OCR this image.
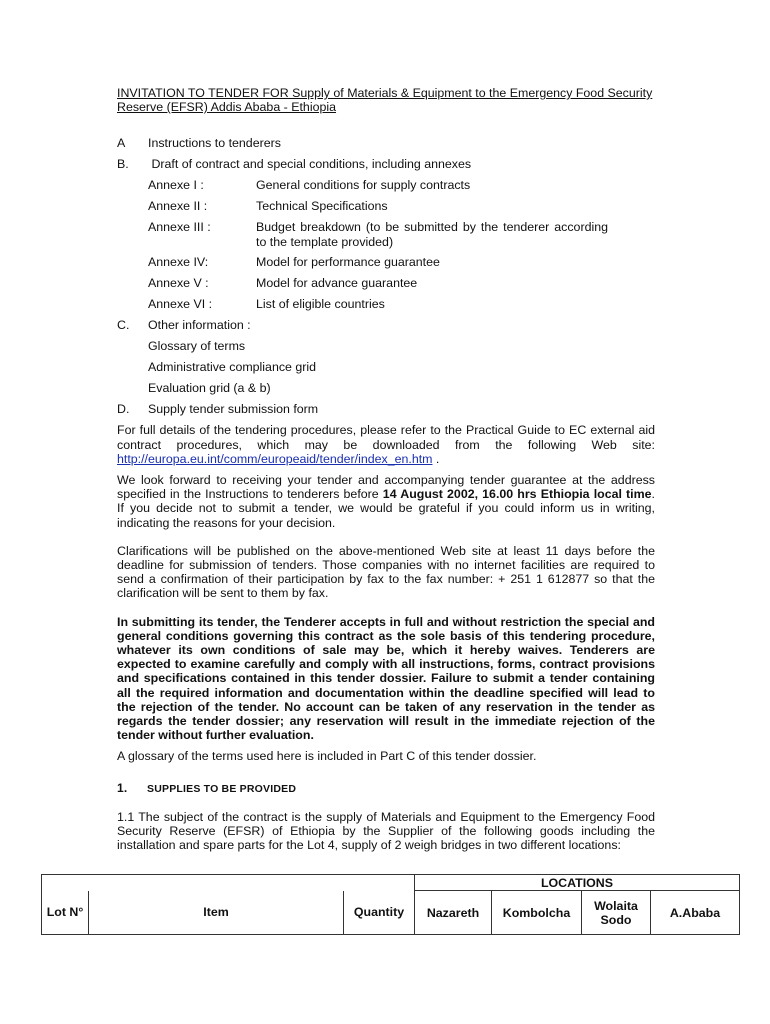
INVITATION TO TENDER FOR Supply of Materials & Equipment to the Emergency Food Security Reserve (EFSR) Addis Ababa - Ethiopia

A	Instructions to tenderers
B.	Draft of contract and special conditions, including annexes
Annexe I :	General conditions for supply contracts
Annexe II :	Technical Specifications
Annexe III :	Budget breakdown (to be submitted by the tenderer according to the template provided)
Annexe IV:	Model for performance guarantee
Annexe V :	Model for advance guarantee
Annexe VI :	List of eligible countries
C.	Other information :
Glossary of terms
Administrative compliance grid
Evaluation grid (a & b)
D.	Supply tender submission form

For full details of the tendering procedures, please refer to the Practical Guide to EC external aid contract procedures, which may be downloaded from the following Web site: http://europa.eu.int/comm/europeaid/tender/index_en.htm .

We look forward to receiving your tender and accompanying tender guarantee at the address specified in the Instructions to tenderers before 14 August 2002, 16.00 hrs Ethiopia local time. If you decide not to submit a tender, we would be grateful if you could inform us in writing, indicating the reasons for your decision.

Clarifications will be published on the above-mentioned Web site at least 11 days before the deadline for submission of tenders. Those companies with no internet facilities are required to send a confirmation of their participation by fax to the fax number: + 251 1 612877 so that the clarification will be sent to them by fax.

In submitting its tender, the Tenderer accepts in full and without restriction the special and general conditions governing this contract as the sole basis of this tendering procedure, whatever its own conditions of sale may be, which it hereby waives. Tenderers are expected to examine carefully and comply with all instructions, forms, contract provisions and specifications contained in this tender dossier. Failure to submit a tender containing all the required information and documentation within the deadline specified will lead to the rejection of the tender. No account can be taken of any reservation in the tender as regards the tender dossier; any reservation will result in the immediate rejection of the tender without further evaluation.

A glossary of the terms used here is included in Part C of this tender dossier.

1. SUPPLIES TO BE PROVIDED

1.1 The subject of the contract is the supply of Materials and Equipment to the Emergency Food Security Reserve (EFSR) of Ethiopia by the Supplier of the following goods including the installation and spare parts for the Lot 4, supply of 2 weigh bridges in two different locations:

			LOCATIONS			
Lot N°	Item	Quantity	Nazareth	Kombolcha	Wolaita Sodo	A.Ababa
